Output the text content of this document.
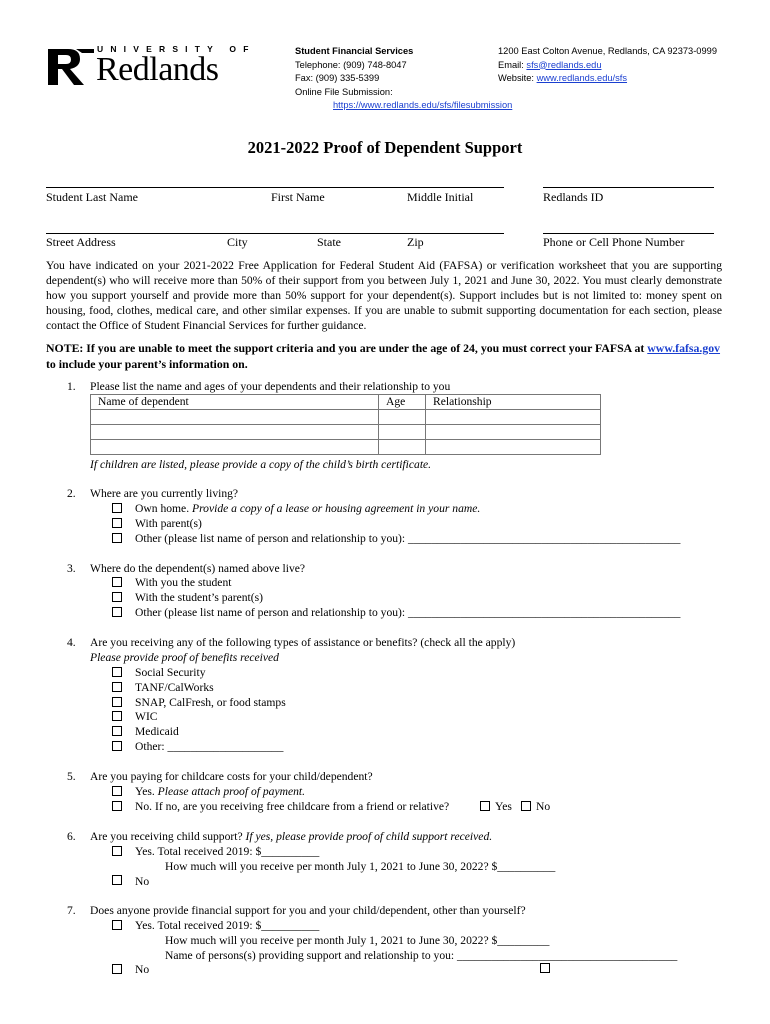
UNIVERSITY OF
Redlands	Student Financial Services
Telephone: (909) 748-8047
Fax: (909) 335-5399
Online File Submission:
https://www.redlands.edu/sfs/filesubmission
1200 East Colton Avenue, Redlands, CA 92373-0999
Email: sfs@redlands.edu
Website: www.redlands.edu/sfs
2021-2022 Proof of Dependent Support
Student Last Name	First Name	Middle Initial	Redlands ID
Street Address	City	State	Zip	Phone or Cell Phone Number
You have indicated on your 2021-2022 Free Application for Federal Student Aid (FAFSA) or verification worksheet that you are supporting dependent(s) who will receive more than 50% of their support from you between July 1, 2021 and June 30, 2022. You must clearly demonstrate how you support yourself and provide more than 50% support for your dependent(s). Support includes but is not limited to: money spent on housing, food, clothes, medical care, and other similar expenses. If you are unable to submit supporting documentation for each section, please contact the Office of Student Financial Services for further guidance.
NOTE: If you are unable to meet the support criteria and you are under the age of 24, you must correct your FAFSA at www.fafsa.gov to include your parent’s information on.
1. Please list the name and ages of your dependents and their relationship to you
Name of dependent	Age	Relationship

If children are listed, please provide a copy of the child’s birth certificate.
2. Where are you currently living?
Own home. Provide a copy of a lease or housing agreement in your name.
With parent(s)
Other (please list name of person and relationship to you): _______________________________________________
3. Where do the dependent(s) named above live?
With you the student
With the student’s parent(s)
Other (please list name of person and relationship to you): _______________________________________________
4. Are you receiving any of the following types of assistance or benefits? (check all the apply)
Please provide proof of benefits received
Social Security
TANF/CalWorks
SNAP, CalFresh, or food stamps
WIC
Medicaid
Other: ____________________
5. Are you paying for childcare costs for your child/dependent?
Yes. Please attach proof of payment.
No. If no, are you receiving free childcare from a friend or relative?	Yes No
6. Are you receiving child support? If yes, please provide proof of child support received.
Yes. Total received 2019: $__________
How much will you receive per month July 1, 2021 to June 30, 2022? $__________
No
7. Does anyone provide financial support for you and your child/dependent, other than yourself?
Yes. Total received 2019: $__________
How much will you receive per month July 1, 2021 to June 30, 2022? $_________
Name of persons(s) providing support and relationship to you: ______________________________________
No
